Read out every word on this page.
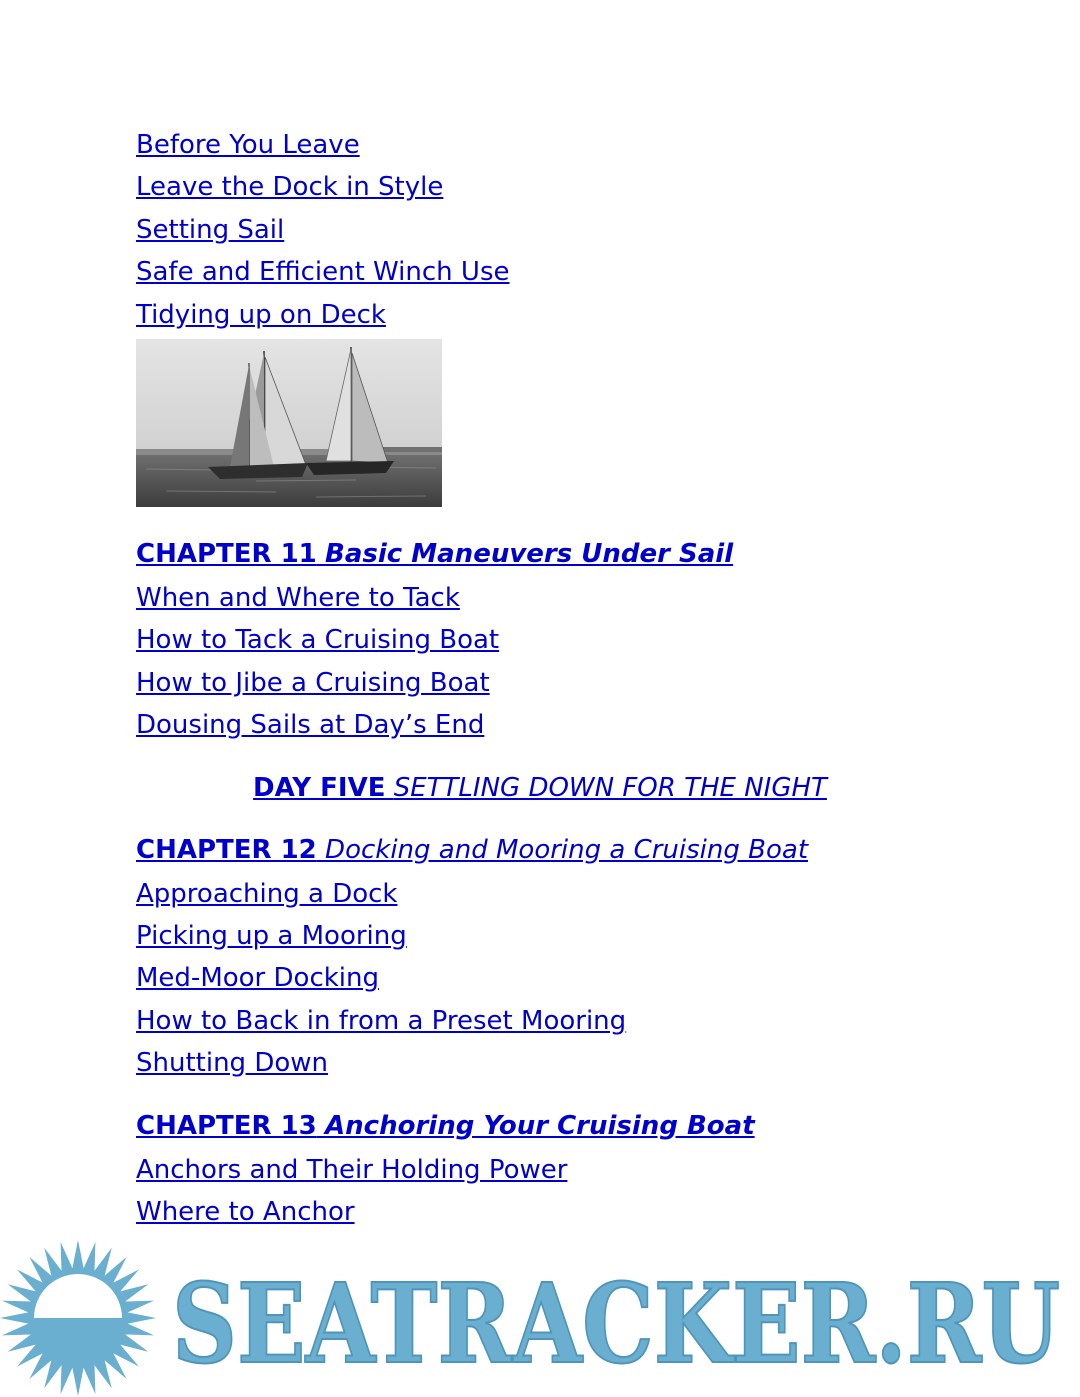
Before You Leave
Leave the Dock in Style
Setting Sail
Safe and Efficient Winch Use
Tidying up on Deck
CHAPTER 11 Basic Maneuvers Under Sail
When and Where to Tack
How to Tack a Cruising Boat
How to Jibe a Cruising Boat
Dousing Sails at Day’s End
DAY FIVE SETTLING DOWN FOR THE NIGHT
CHAPTER 12 Docking and Mooring a Cruising Boat
Approaching a Dock
Picking up a Mooring
Med-Moor Docking
How to Back in from a Preset Mooring
Shutting Down
CHAPTER 13 Anchoring Your Cruising Boat
Anchors and Their Holding Power
Where to Anchor
SEATRACKER.RU
